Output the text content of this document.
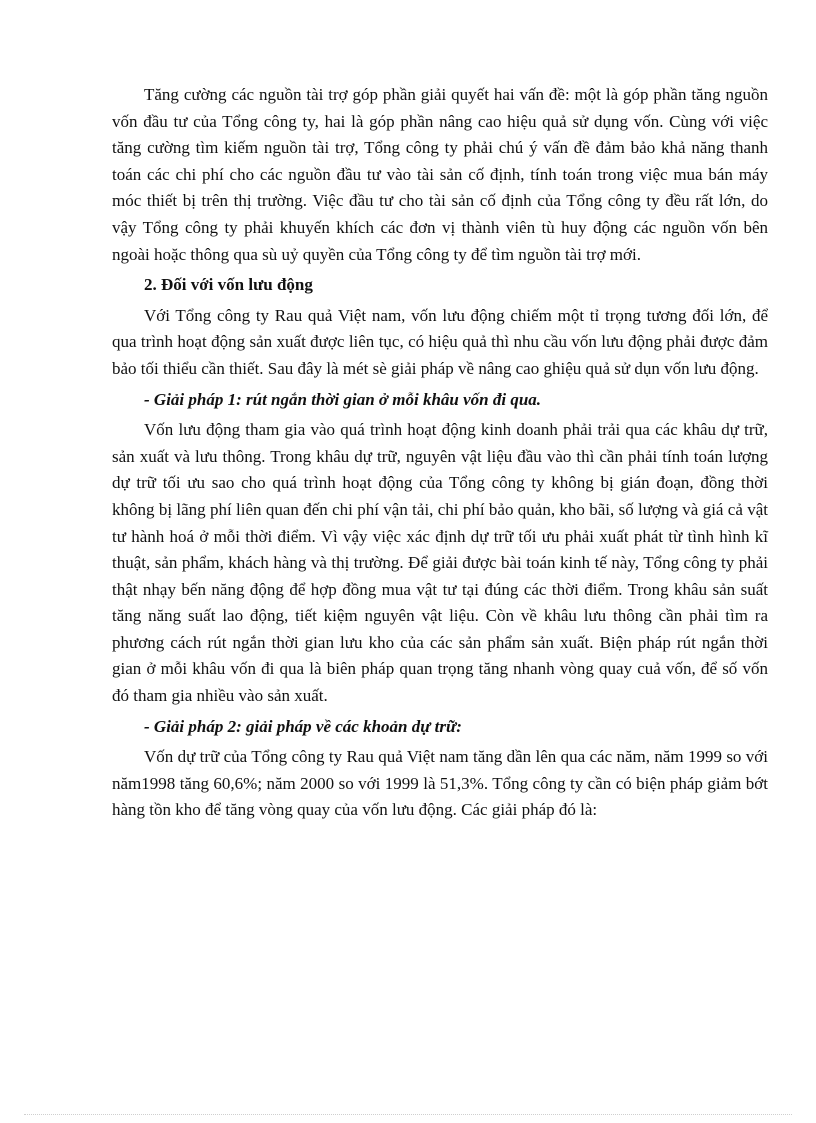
Tăng cường các nguồn tài trợ góp phần giải quyết hai vấn đề: một là góp phần tăng nguồn vốn đầu tư của Tổng công ty, hai là góp phần nâng cao hiệu quả sử dụng vốn. Cùng với việc tăng cường tìm kiếm nguồn tài trợ, Tổng công ty phải chú ý vấn đề đảm bảo khả năng thanh toán các chi phí cho các nguồn đầu tư vào tài sản cố định, tính toán trong việc mua bán máy móc thiết bị trên thị trường. Việc đầu tư cho tài sản cố định của Tổng công ty đều rất lớn, do vậy Tổng công ty phải khuyến khích các đơn vị thành viên tù huy động các nguồn vốn bên ngoài hoặc thông qua sù uỷ quyền của Tổng công ty để tìm nguồn tài trợ mới.

2. Đối với vốn lưu động

Với Tổng công ty Rau quả Việt nam, vốn lưu động chiếm một tỉ trọng tương đối lớn, để qua trình hoạt động sản xuất được liên tục, có hiệu quả thì nhu cầu vốn lưu động phải được đảm bảo tối thiểu cần thiết. Sau đây là mét sè giải pháp về nâng cao ghiệu quả sử dụn vốn lưu động.

- Giải pháp 1: rút ngắn thời gian ở mỗi khâu vốn đi qua.

Vốn lưu động tham gia vào quá trình hoạt động kinh doanh phải trải qua các khâu dự trữ, sản xuất và lưu thông. Trong khâu dự trữ, nguyên vật liệu đầu vào thì cần phải tính toán lượng dự trữ tối ưu sao cho quá trình hoạt động của Tổng công ty không bị gián đoạn, đồng thời không bị lãng phí liên quan đến chi phí vận tải, chi phí bảo quản, kho bãi, số lượng và giá cả vật tư hành hoá ở mỗi thời điểm. Vì vậy việc xác định dự trữ tối ưu phải xuất phát từ tình hình kĩ thuật, sản phẩm, khách hàng và thị trường. Để giải được bài toán kinh tế này, Tổng công ty phải thật nhạy bến năng động để hợp đồng mua vật tư tại đúng các thời điểm. Trong khâu sản suất tăng năng suất lao động, tiết kiệm nguyên vật liệu. Còn về khâu lưu thông cần phải tìm ra phương cách rút ngắn thời gian lưu kho của các sản phẩm sản xuất. Biện pháp rút ngắn thời gian ở mỗi khâu vốn đi qua là biên pháp quan trọng tăng nhanh vòng quay cuả vốn, để số vốn đó tham gia nhiều vào sản xuất.

- Giải pháp 2: giải pháp về các khoản dự trữ:

Vốn dự trữ của Tổng công ty Rau quả Việt nam tăng dần lên qua các năm, năm 1999 so với năm1998 tăng 60,6%; năm 2000 so với 1999 là 51,3%. Tổng công ty cần có biện pháp giảm bớt hàng tồn kho để tăng vòng quay của vốn lưu động. Các giải pháp đó là:
